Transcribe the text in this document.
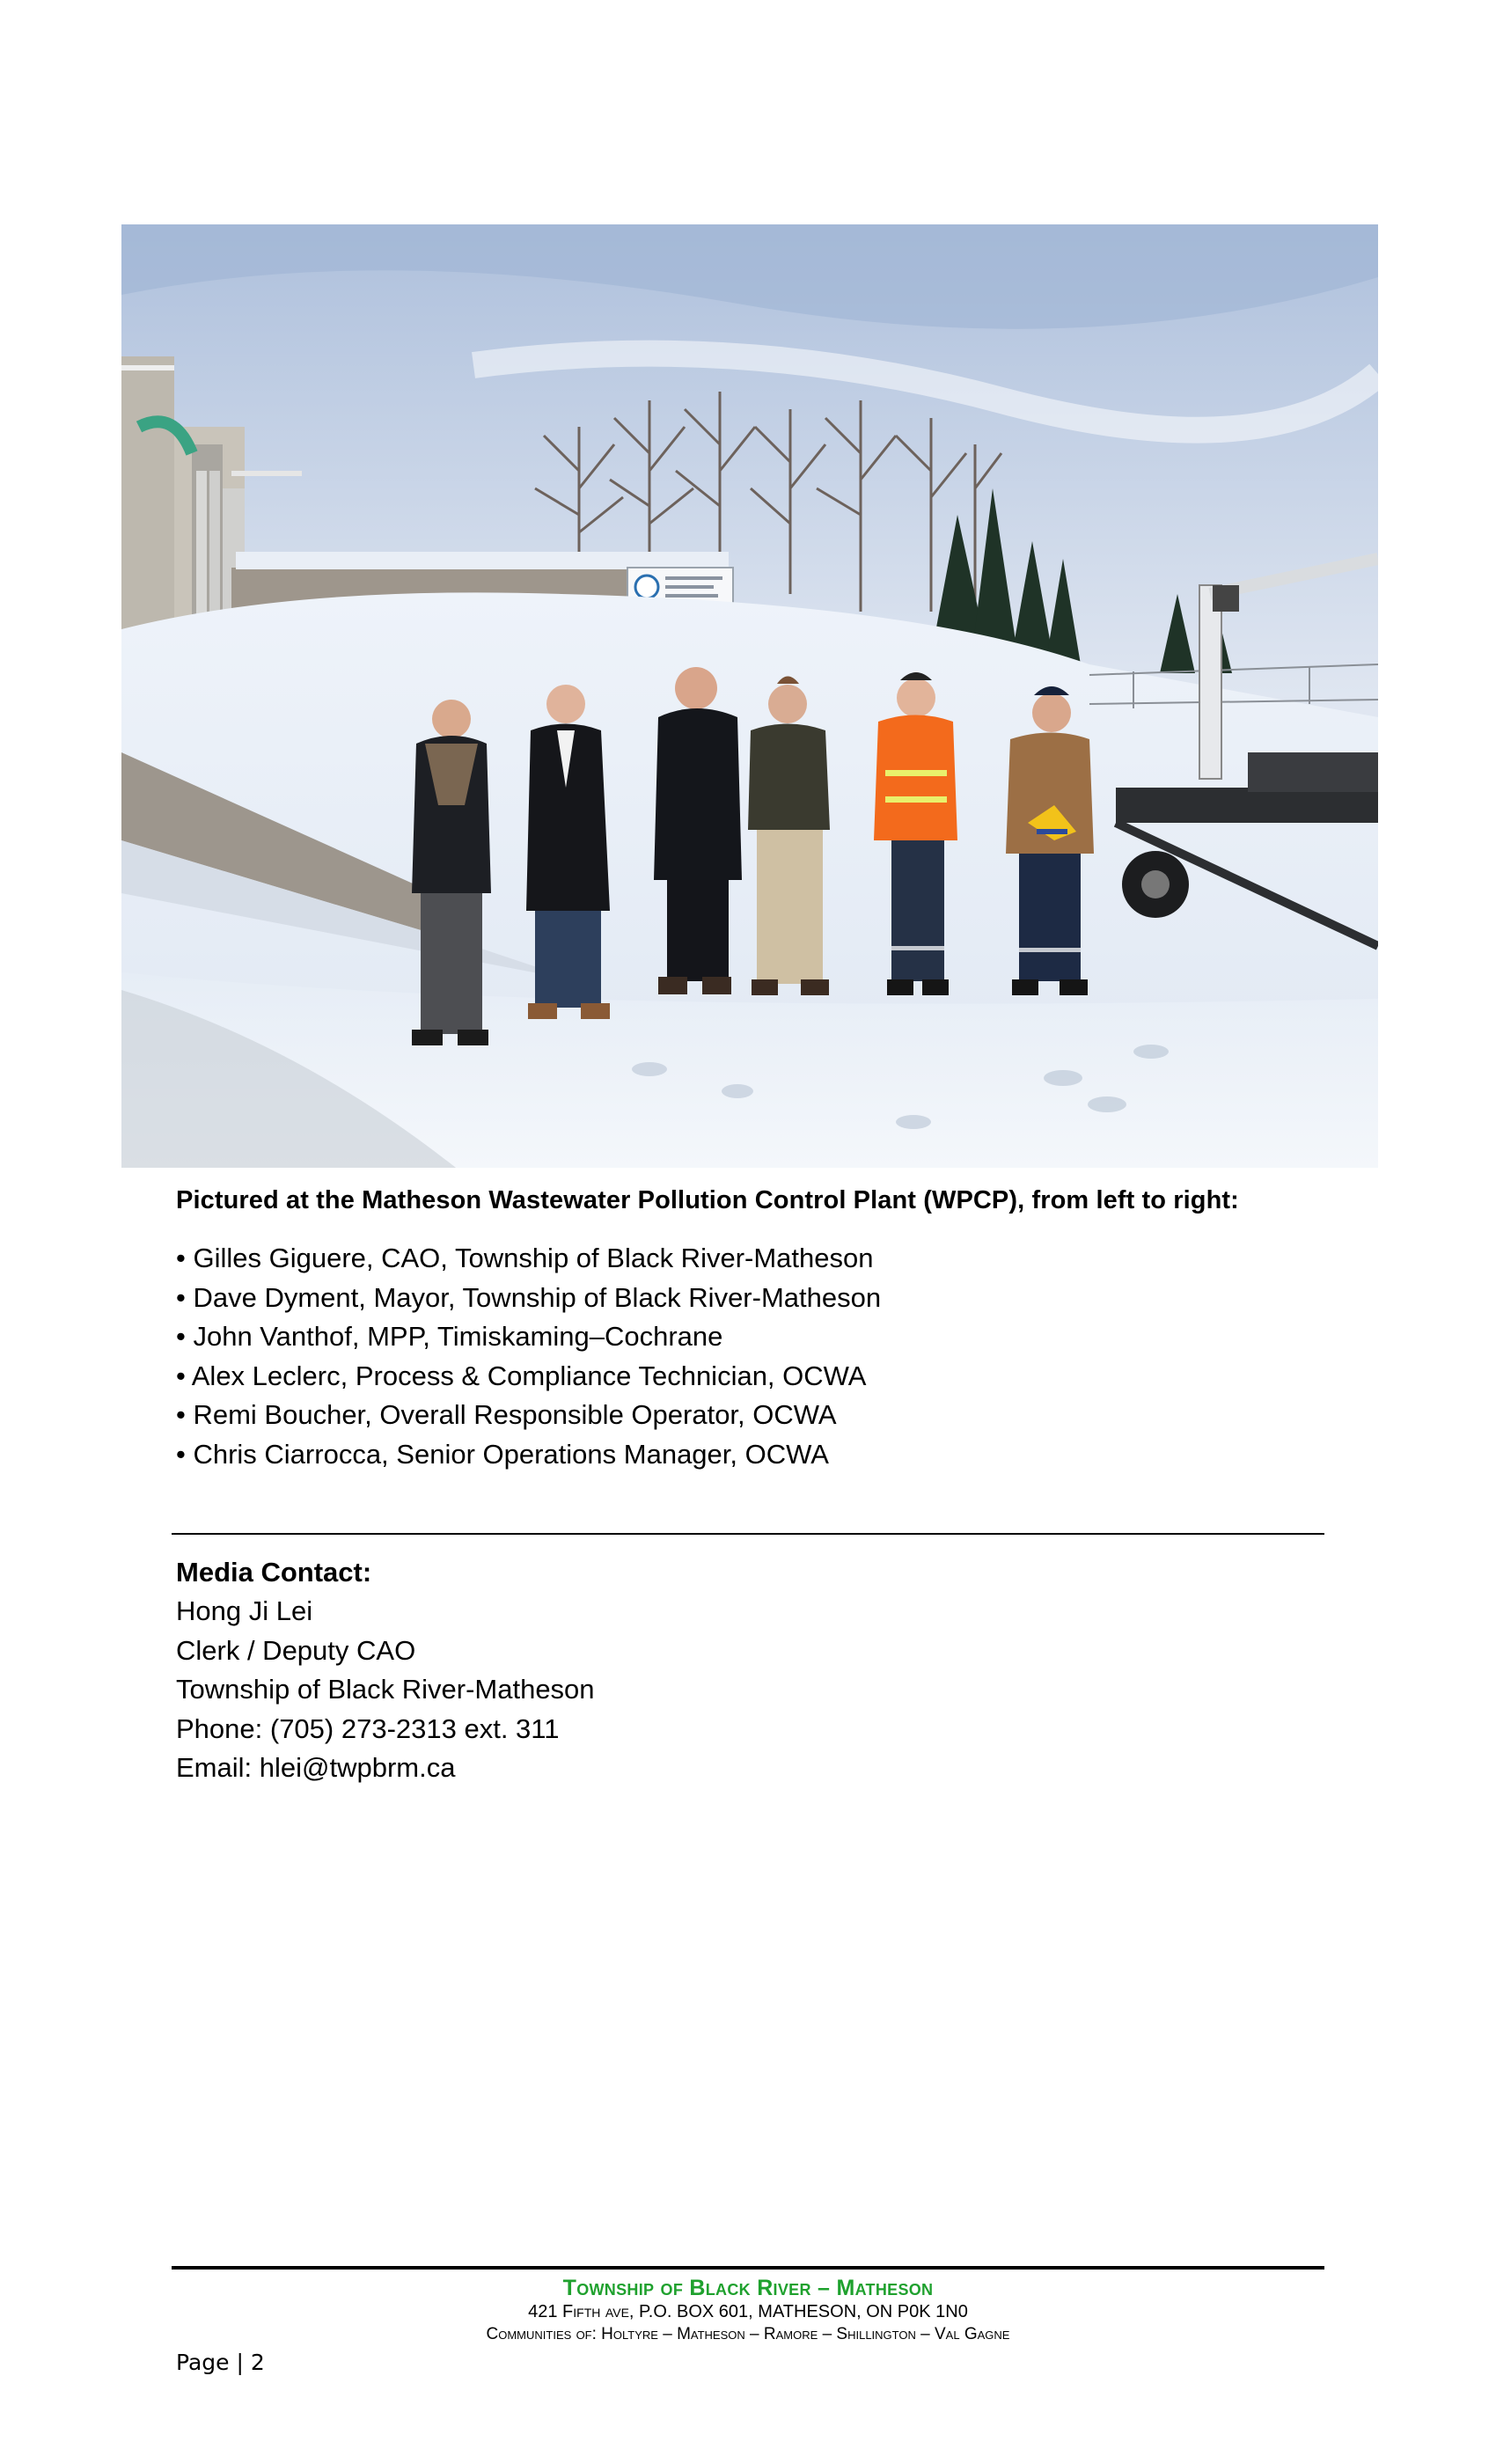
Pictured at the Matheson Wastewater Pollution Control Plant (WPCP), from left to right:
• Gilles Giguere, CAO, Township of Black River-Matheson
• Dave Dyment, Mayor, Township of Black River-Matheson
• John Vanthof, MPP, Timiskaming–Cochrane
• Alex Leclerc, Process & Compliance Technician, OCWA
• Remi Boucher, Overall Responsible Operator, OCWA
• Chris Ciarrocca, Senior Operations Manager, OCWA
Media Contact:
Hong Ji Lei
Clerk / Deputy CAO
Township of Black River-Matheson
Phone: (705) 273-2313 ext. 311
Email: hlei@twpbrm.ca
Township of Black River – Matheson
421 Fifth ave, P.O. BOX 601, MATHESON, ON P0K 1N0
Communities of: Holtyre – Matheson – Ramore – Shillington – Val Gagne
Page | 2
